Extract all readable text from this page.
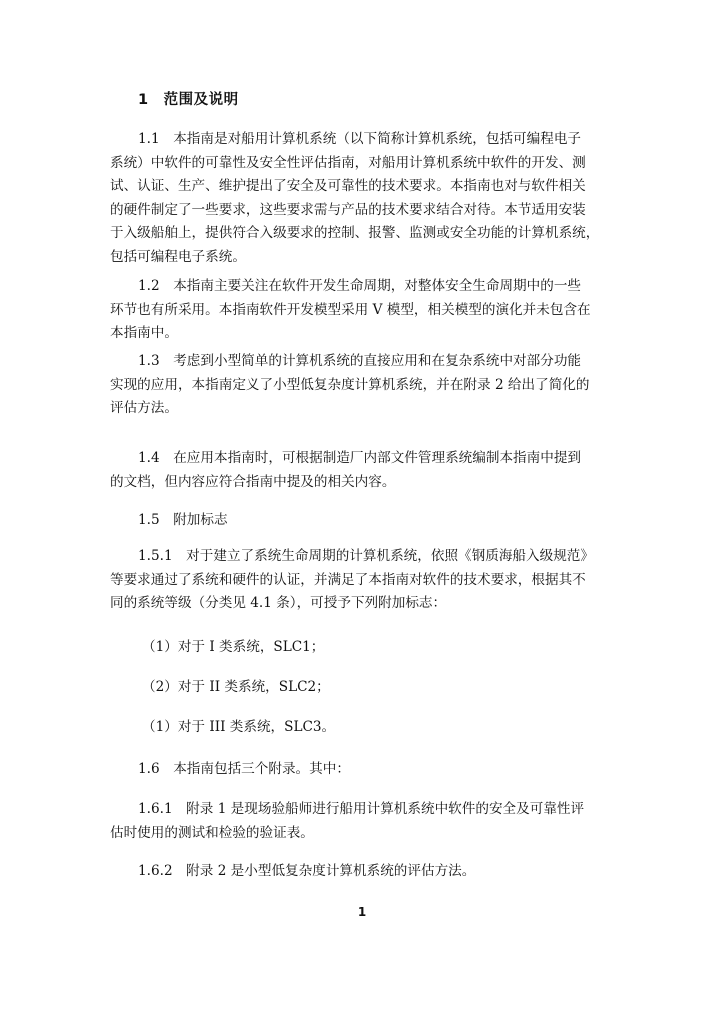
1　范围及说明
1.1　本指南是对船用计算机系统（以下简称计算机系统，包括可编程电子
系统）中软件的可靠性及安全性评估指南，对船用计算机系统中软件的开发、测
试、认证、生产、维护提出了安全及可靠性的技术要求。本指南也对与软件相关
的硬件制定了一些要求，这些要求需与产品的技术要求结合对待。本节适用安装
于入级船舶上，提供符合入级要求的控制、报警、监测或安全功能的计算机系统，
包括可编程电子系统。
1.2　本指南主要关注在软件开发生命周期，对整体安全生命周期中的一些
环节也有所采用。本指南软件开发模型采用 V 模型，相关模型的演化并未包含在
本指南中。
1.3　考虑到小型简单的计算机系统的直接应用和在复杂系统中对部分功能
实现的应用，本指南定义了小型低复杂度计算机系统，并在附录 2 给出了简化的
评估方法。
1.4　在应用本指南时，可根据制造厂内部文件管理系统编制本指南中提到
的文档，但内容应符合指南中提及的相关内容。
1.5　附加标志
1.5.1　对于建立了系统生命周期的计算机系统，依照《钢质海船入级规范》
等要求通过了系统和硬件的认证，并满足了本指南对软件的技术要求，根据其不
同的系统等级（分类见 4.1 条），可授予下列附加标志：
（1）对于 I 类系统，SLC1；
（2）对于 II 类系统，SLC2；
（1）对于 III 类系统，SLC3。
1.6　本指南包括三个附录。其中：
1.6.1　附录 1 是现场验船师进行船用计算机系统中软件的安全及可靠性评
估时使用的测试和检验的验证表。
1.6.2　附录 2 是小型低复杂度计算机系统的评估方法。
1
